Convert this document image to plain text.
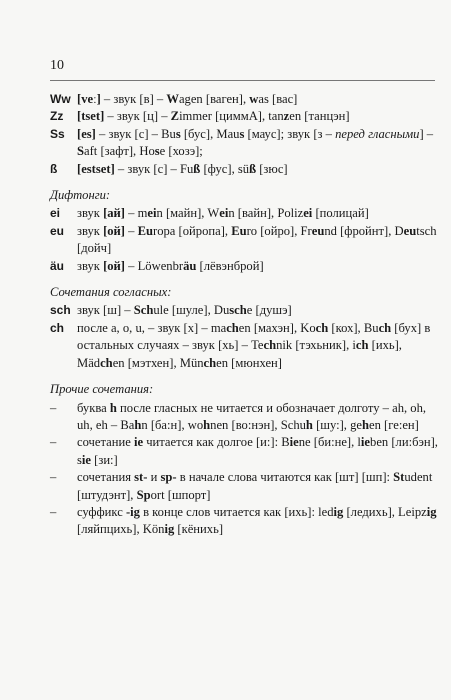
10
Ww [veː] – звук [в] – Wagen [ваген], was [вас]
Zz	[tset] – звук [ц] – Zimmer [циммА], tanzen [танцэн]
Ss [es] – звук [с] – Bus [бус], Maus [маус]; звук [з – перед гласными] – Saft [зафт], Hose [хозэ];
ß	[estset] – звук [с] – Fuß [фус], süß [зюс]
Дифтонги:
ei	звук [ай] – mein [майн], Wein [вайн], Polizei [полицай]
eu	звук [ой] – Europa [ойропа], Euro [ойро], Freund [фройнт], Deutsch [дойч]
äu	звук [ой] – Löwenbräu [лёвэнброй]
Сочетания согласных:
sch звук [ш] – Schule [шуле], Dusche [душэ]
ch	после a, o, u, – звук [х] – machen [махэн], Koch [кох], Buch [бух] в остальных случаях – звук [хь] – Technik [тэхьник], ich [ихь], Mädchen [мэтхен], München [мюнхен]
Прочие сочетания:
–	буква h после гласных не читается и обозначает долготу – ah, oh, uh, eh – Bahn [ба:н], wohnen [во:нэн], Schuh [шу:], gehen [ге:ен]
–	сочетание ie читается как долгое [и:]: Biene [би:не], lieben [ли:бэн], sie [зи:]
–	сочетания st- и sp- в начале слова читаются как [шт] [шп]: Student [штудэнт], Sport [шпорт]
–	суффикс -ig в конце слов читается как [ихь]: ledig [ледихь], Leipzig [ляйпцихь], König [кёнихь]
